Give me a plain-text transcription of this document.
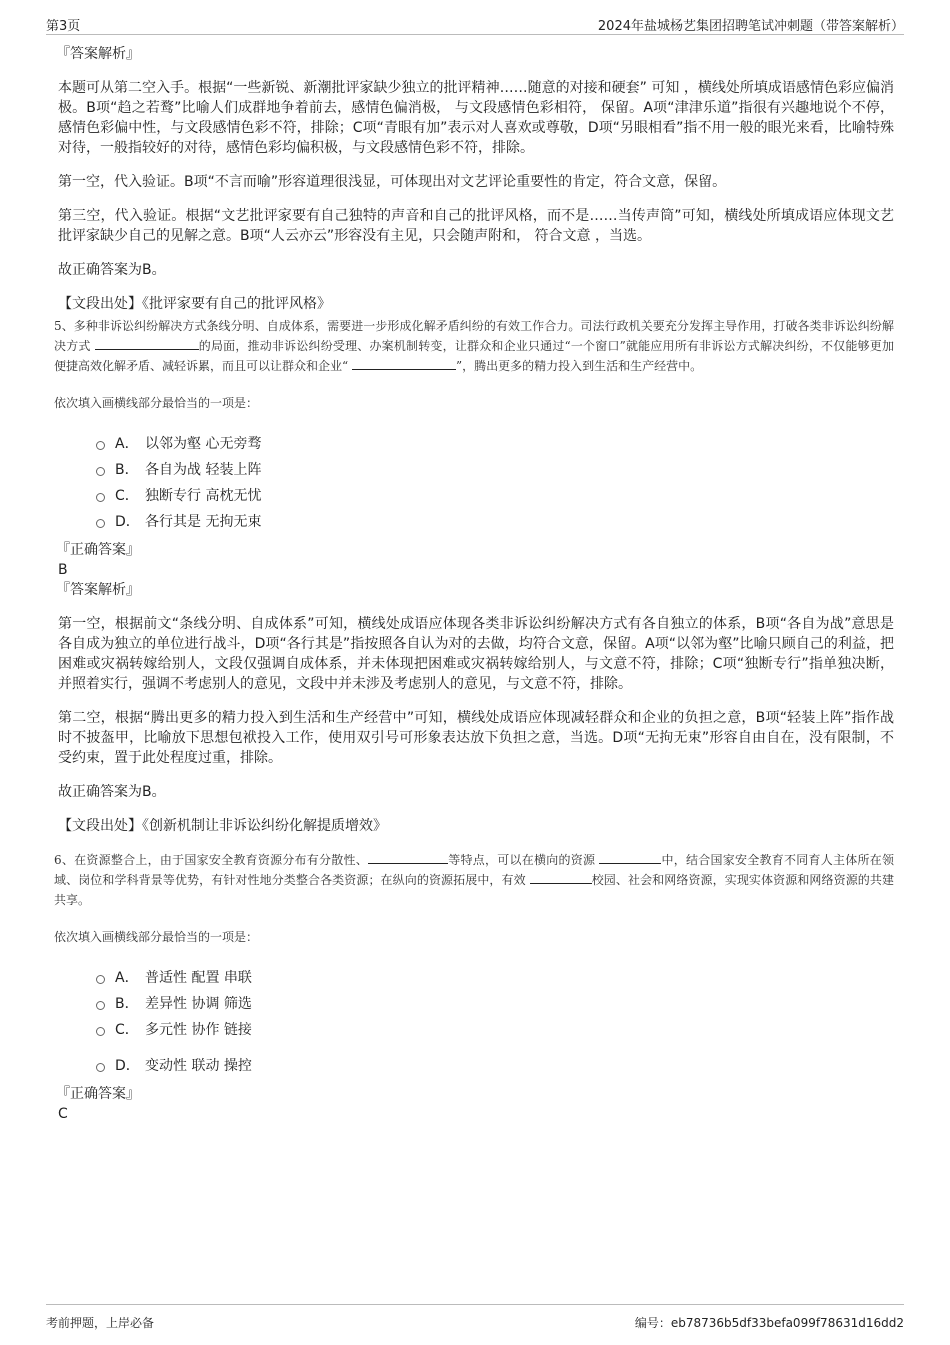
第3页	2024年盐城杨艺集团招聘笔试冲刺题（带答案解析）

『答案解析』

本题可从第二空入手。根据“一些新锐、新潮批评家缺少独立的批评精神……随意的对接和硬套” 可知 ，横线处所填成语感情色彩应偏消极。B项“趋之若鹜”比喻人们成群地争着前去，感情色偏消极， 与文段感情色彩相符， 保留。A项“津津乐道”指很有兴趣地说个不停，感情色彩偏中性，与文段感情色彩不符，排除；C项“青眼有加”表示对人喜欢或尊敬，D项“另眼相看”指不用一般的眼光来看，比喻特殊对待，一般指较好的对待，感情色彩均偏积极，与文段感情色彩不符，排除。

第一空，代入验证。B项“不言而喻”形容道理很浅显，可体现出对文艺评论重要性的肯定，符合文意，保留。

第三空，代入验证。根据“文艺批评家要有自己独特的声音和自己的批评风格，而不是……当传声筒”可知，横线处所填成语应体现文艺批评家缺少自己的见解之意。B项“人云亦云”形容没有主见，只会随声附和， 符合文意 ，当选。

故正确答案为B。

【文段出处】《批评家要有自己的批评风格》

5、多种非诉讼纠纷解决方式条线分明、自成体系，需要进一步形成化解矛盾纠纷的有效工作合力。司法行政机关要充分发挥主导作用，打破各类非诉讼纠纷解决方式	的局面，推动非诉讼纠纷受理、办案机制转变，让群众和企业只通过“一个窗口”就能应用所有非诉讼方式解决纠纷，不仅能够更加便捷高效化解矛盾、减轻诉累，而且可以让群众和企业“	”，腾出更多的精力投入到生活和生产经营中。

依次填入画横线部分最恰当的一项是：

A． 以邻为壑 心无旁骛
B． 各自为战 轻装上阵
C． 独断专行 高枕无忧
D． 各行其是 无拘无束

『正确答案』

B

『答案解析』

第一空，根据前文“条线分明、自成体系”可知，横线处成语应体现各类非诉讼纠纷解决方式有各自独立的体系，B项“各自为战”意思是各自成为独立的单位进行战斗，D项“各行其是”指按照各自认为对的去做，均符合文意，保留。A项“以邻为壑”比喻只顾自己的利益，把困难或灾祸转嫁给别人，文段仅强调自成体系，并未体现把困难或灾祸转嫁给别人，与文意不符，排除；C项“独断专行”指单独决断，并照着实行，强调不考虑别人的意见，文段中并未涉及考虑别人的意见，与文意不符，排除。

第二空，根据“腾出更多的精力投入到生活和生产经营中”可知，横线处成语应体现减轻群众和企业的负担之意，B项“轻装上阵”指作战时不披盔甲，比喻放下思想包袱投入工作，使用双引号可形象表达放下负担之意，当选。D项“无拘无束”形容自由自在，没有限制，不受约束，置于此处程度过重，排除。

故正确答案为B。

【文段出处】《创新机制让非诉讼纠纷化解提质增效》

6、在资源整合上，由于国家安全教育资源分布有分散性、	等特点，可以在横向的资源	中，结合国家安全教育不同育人主体所在领域、岗位和学科背景等优势，有针对性地分类整合各类资源；在纵向的资源拓展中，有效	校园、社会和网络资源，实现实体资源和网络资源的共建共享。

依次填入画横线部分最恰当的一项是：

A． 普适性 配置 串联
B． 差异性 协调 筛选
C． 多元性 协作 链接
D． 变动性 联动 操控

『正确答案』

C

考前押题，上岸必备	编号：eb78736b5df33befa099f78631d16dd2
